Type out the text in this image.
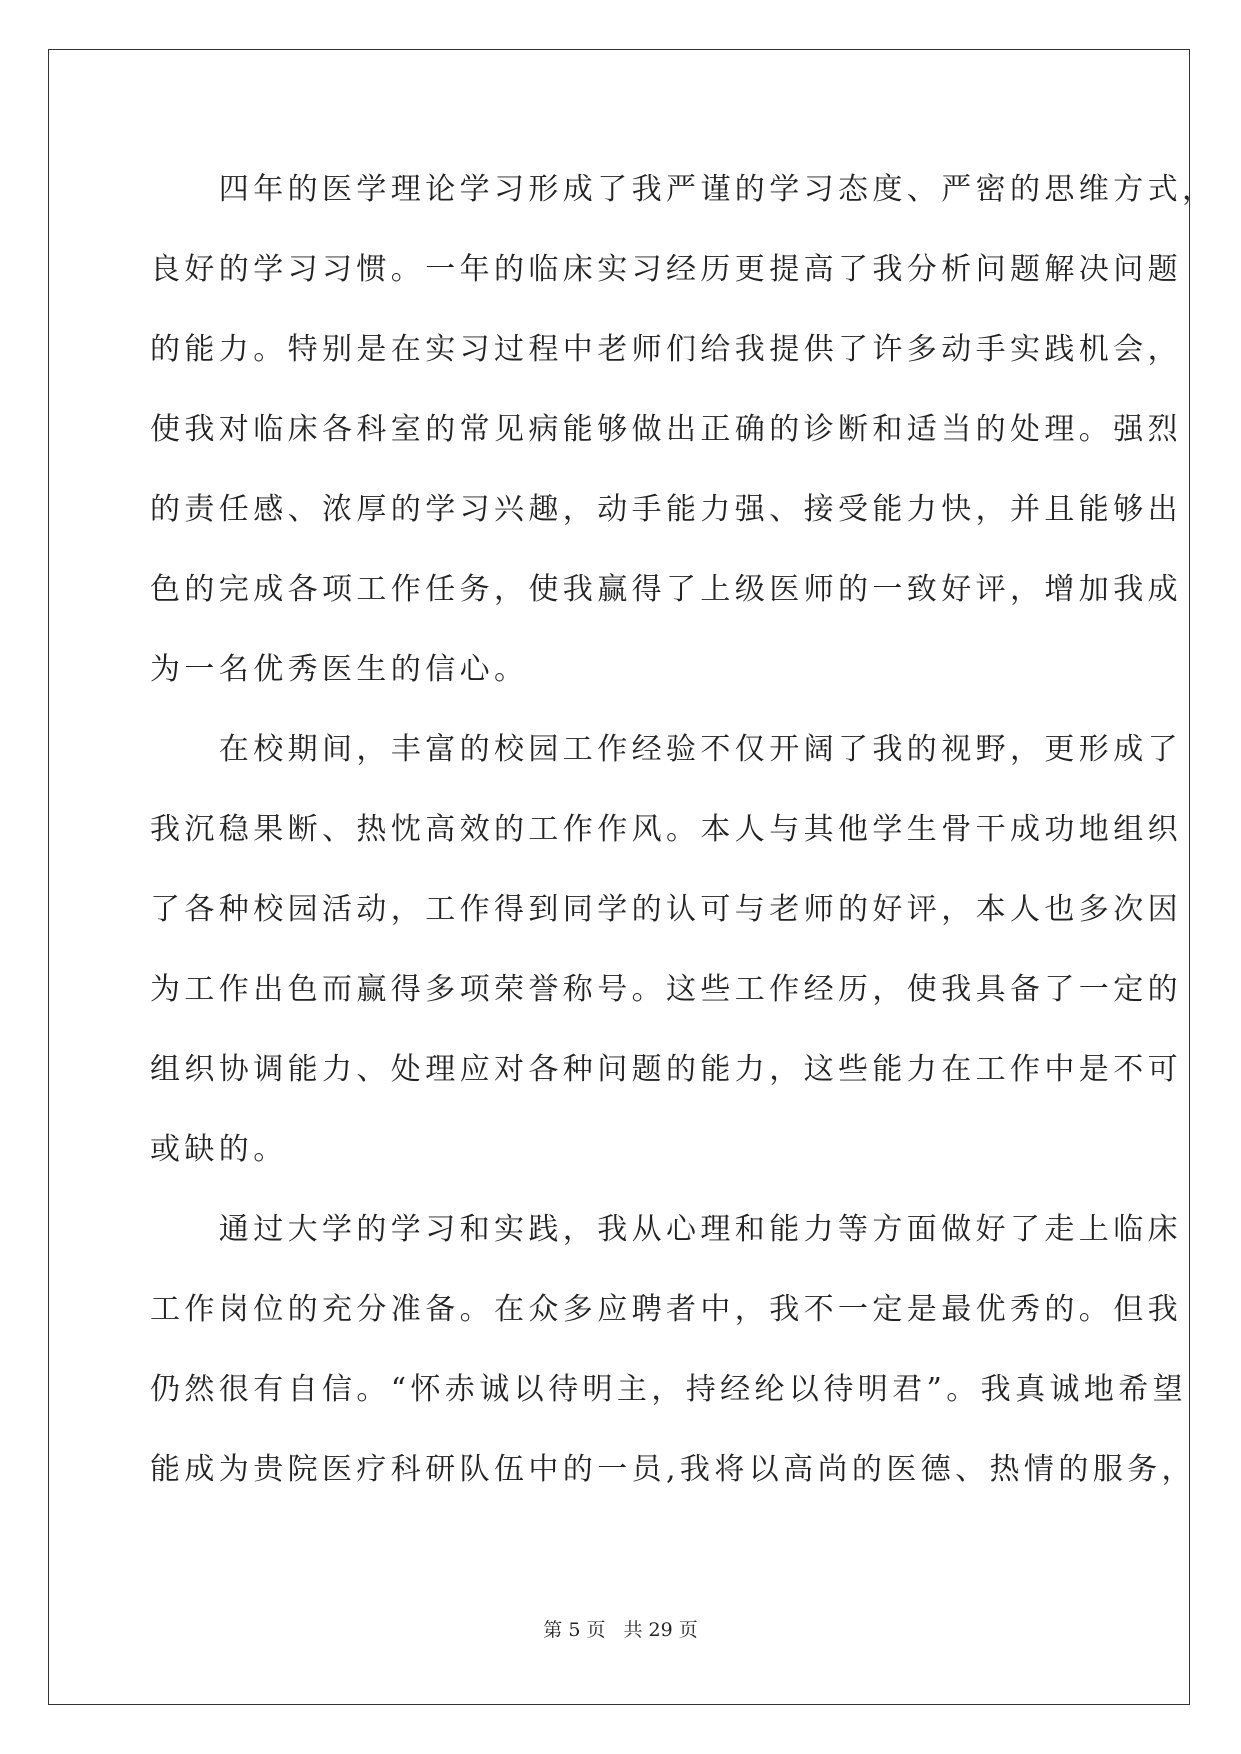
　　四年的医学理论学习形成了我严谨的学习态度、严密的思维方式，
良好的学习习惯。一年的临床实习经历更提高了我分析问题解决问题
的能力。特别是在实习过程中老师们给我提供了许多动手实践机会，
使我对临床各科室的常见病能够做出正确的诊断和适当的处理。强烈
的责任感、浓厚的学习兴趣，动手能力强、接受能力快，并且能够出
色的完成各项工作任务，使我赢得了上级医师的一致好评，增加我成
为一名优秀医生的信心。
　　在校期间，丰富的校园工作经验不仅开阔了我的视野，更形成了
我沉稳果断、热忱高效的工作作风。本人与其他学生骨干成功地组织
了各种校园活动，工作得到同学的认可与老师的好评，本人也多次因
为工作出色而赢得多项荣誉称号。这些工作经历，使我具备了一定的
组织协调能力、处理应对各种问题的能力，这些能力在工作中是不可
或缺的。
　　通过大学的学习和实践，我从心理和能力等方面做好了走上临床
工作岗位的充分准备。在众多应聘者中，我不一定是最优秀的。但我
仍然很有自信。“怀赤诚以待明主，持经纶以待明君”。我真诚地希望
能成为贵院医疗科研队伍中的一员,我将以高尚的医德、热情的服务，
第 5 页 共 29 页
